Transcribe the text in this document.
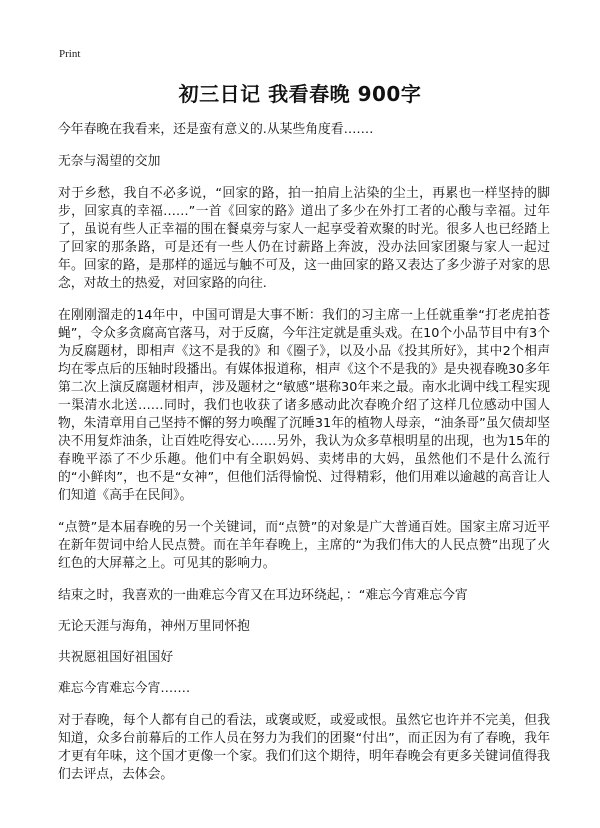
Print
初三日记 我看春晚 900字

今年春晚在我看来，还是蛮有意义的.从某些角度看…….

无奈与渴望的交加

对于乡愁，我自不必多说，“回家的路，拍一拍肩上沾染的尘土，再累也一样坚持的脚步，回家真的幸福……”一首《回家的路》道出了多少在外打工者的心酸与幸福。过年了，虽说有些人正幸福的围在餐桌旁与家人一起享受着欢聚的时光。很多人也已经踏上了回家的那条路，可是还有一些人仍在讨薪路上奔波，没办法回家团聚与家人一起过年。回家的路，是那样的遥远与触不可及，这一曲回家的路又表达了多少游子对家的思念，对故土的热爱，对回家路的向往.

在刚刚溜走的14年中，中国可谓是大事不断：我们的习主席一上任就重拳“打老虎拍苍蝇”，令众多贪腐高官落马，对于反腐，今年注定就是重头戏。在10个小品节目中有3个为反腐题材，即相声《这不是我的》和《圈子》，以及小品《投其所好》，其中2个相声均在零点后的压轴时段播出。有媒体报道称，相声《这个不是我的》是央视春晚30多年第二次上演反腐题材相声，涉及题材之“敏感”堪称30年来之最。南水北调中线工程实现一渠清水北送……同时，我们也收获了诸多感动此次春晚介绍了这样几位感动中国人物，朱清章用自己坚持不懈的努力唤醒了沉睡31年的植物人母亲，“油条哥”虽欠债却坚决不用复炸油条，让百姓吃得安心……另外，我认为众多草根明星的出现，也为15年的春晚平添了不少乐趣。他们中有全职妈妈、卖烤串的大妈，虽然他们不是什么流行的“小鲜肉”，也不是“女神”，但他们活得愉悦、过得精彩，他们用难以逾越的高音让人们知道《高手在民间》。

“点赞”是本届春晚的另一个关键词，而“点赞”的对象是广大普通百姓。国家主席习近平在新年贺词中给人民点赞。而在羊年春晚上，主席的“为我们伟大的人民点赞”出现了火红色的大屏幕之上。可见其的影响力。

结束之时，我喜欢的一曲难忘今宵又在耳边环绕起，：“难忘今宵难忘今宵

无论天涯与海角，神州万里同怀抱

共祝愿祖国好祖国好

难忘今宵难忘今宵…….

对于春晚，每个人都有自己的看法，或褒或贬，或爱或恨。虽然它也许并不完美，但我知道，众多台前幕后的工作人员在努力为我们的团聚“付出”，而正因为有了春晚，我年才更有年味，这个国才更像一个家。我们们这个期待，明年春晚会有更多关键词值得我们去评点，去体会。
